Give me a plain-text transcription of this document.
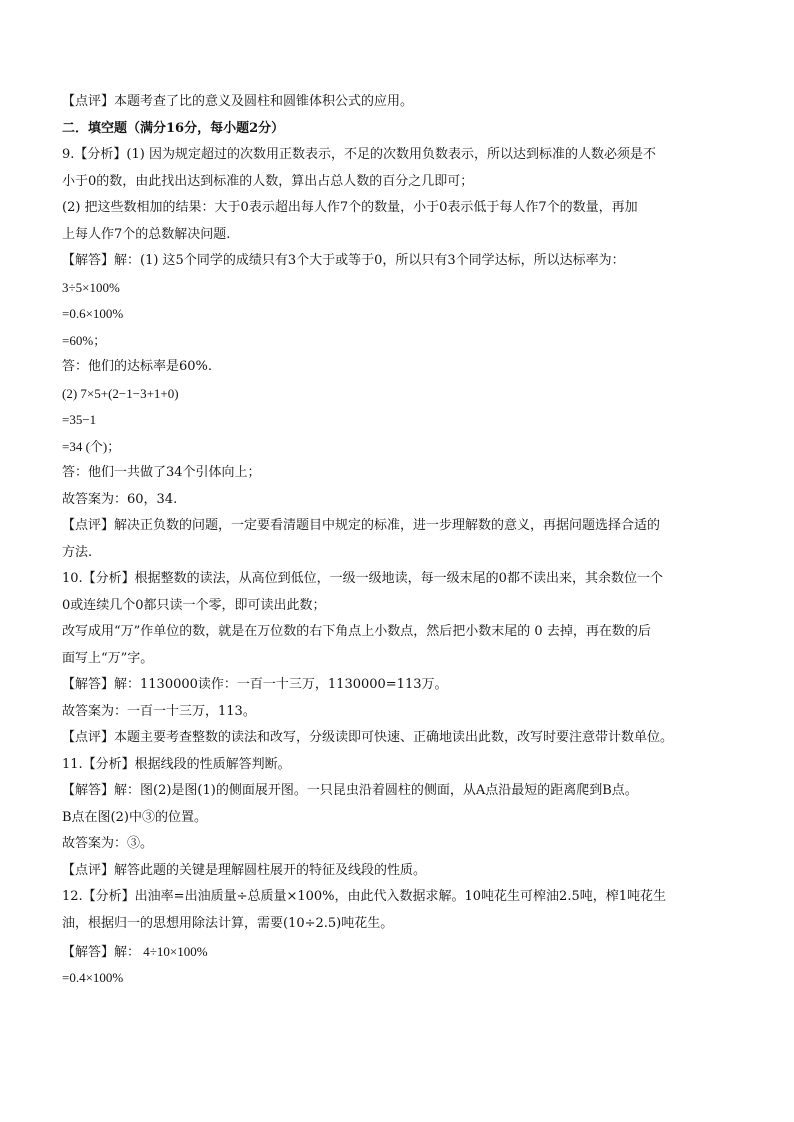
【点评】本题考查了比的意义及圆柱和圆锥体积公式的应用。
二．填空题（满分16分，每小题2分）
9.【分析】(1) 因为规定超过的次数用正数表示，不足的次数用负数表示，所以达到标准的人数必须是不
小于0的数，由此找出达到标准的人数，算出占总人数的百分之几即可；
(2) 把这些数相加的结果：大于0表示超出每人作7个的数量，小于0表示低于每人作7个的数量，再加
上每人作7个的总数解决问题.
【解答】解：(1) 这5个同学的成绩只有3个大于或等于0，所以只有3个同学达标，所以达标率为：
3÷5×100%
=0.6×100%
=60%；
答：他们的达标率是60%.
(2) 7×5+(2−1−3+1+0)
=35−1
=34 (个)；
答：他们一共做了34个引体向上；
故答案为：60，34.
【点评】解决正负数的问题，一定要看清题目中规定的标准，进一步理解数的意义，再据问题选择合适的
方法.
10.【分析】根据整数的读法，从高位到低位，一级一级地读，每一级末尾的0都不读出来，其余数位一个
0或连续几个0都只读一个零，即可读出此数；
改写成用“万”作单位的数，就是在万位数的右下角点上小数点，然后把小数末尾的 0 去掉，再在数的后
面写上“万”字。
【解答】解：1130000读作：一百一十三万，1130000=113万。
故答案为：一百一十三万，113。
【点评】本题主要考查整数的读法和改写，分级读即可快速、正确地读出此数，改写时要注意带计数单位。
11.【分析】根据线段的性质解答判断。
【解答】解：图(2)是图(1)的侧面展开图。一只昆虫沿着圆柱的侧面，从A点沿最短的距离爬到B点。
B点在图(2)中③的位置。
故答案为：③。
【点评】解答此题的关键是理解圆柱展开的特征及线段的性质。
12.【分析】出油率=出油质量÷总质量×100%，由此代入数据求解。10吨花生可榨油2.5吨，榨1吨花生
油，根据归一的思想用除法计算，需要(10÷2.5)吨花生。
【解答】解： 4÷10×100%
=0.4×100%
